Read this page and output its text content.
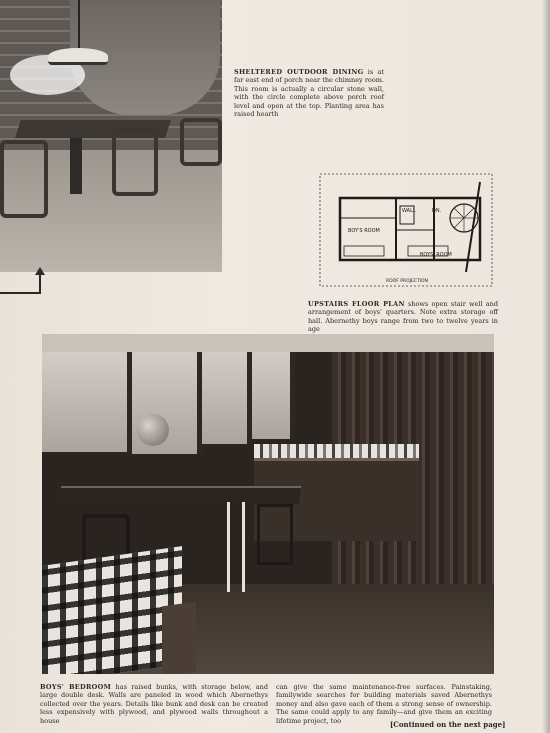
SHELTERED OUTDOOR DINING is at far east end of porch near the chimney room. This room is actually a circular stone wall, with the circle complete above porch roof level and open at the top. Planting area has raised hearth
WALL	DN.
BOY'S ROOM
BOYS' ROOM
ROOF PROJECTION
UPSTAIRS FLOOR PLAN shows open stair well and arrangement of boys' quarters. Note extra storage off hall. Abernethy boys range from two to twelve years in age
BOYS' BEDROOM has raised bunks, with storage below, and large double desk. Walls are paneled in wood which Abernethys collected over the years. Details like bunk and desk can be created less expensively with plywood, and plywood walls throughout a house
can give the same maintenance-free surfaces. Painstaking, familywide searches for building materials saved Abernethys money and also gave each of them a strong sense of ownership. The same could apply to any family—and give them an exciting lifetime project, too	[Continued on the next page]
